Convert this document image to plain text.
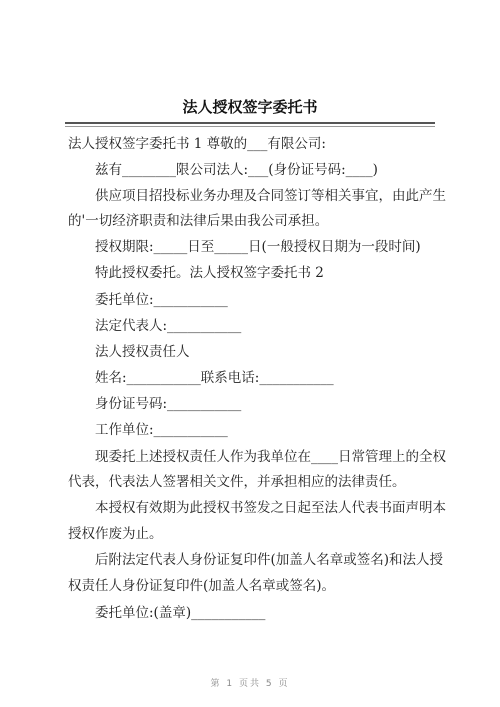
法人授权签字委托书
法人授权签字委托书 1 尊敬的___有限公司:
兹有________限公司法人:___(身份证号码:____)
供应项目招投标业务办理及合同签订等相关事宜，由此产生
的'一切经济职责和法律后果由我公司承担。
授权期限:_____日至_____日(一般授权日期为一段时间)
特此授权委托。法人授权签字委托书 2
委托单位:___________
法定代表人:___________
法人授权责任人
姓名:___________联系电话:___________
身份证号码:___________
工作单位:___________
现委托上述授权责任人作为我单位在____日常管理上的全权
代表，代表法人签署相关文件，并承担相应的法律责任。
本授权有效期为此授权书签发之日起至法人代表书面声明本
授权作废为止。
后附法定代表人身份证复印件(加盖人名章或签名)和法人授
权责任人身份证复印件(加盖人名章或签名)。
委托单位:(盖章)___________
第 1 页共 5 页
